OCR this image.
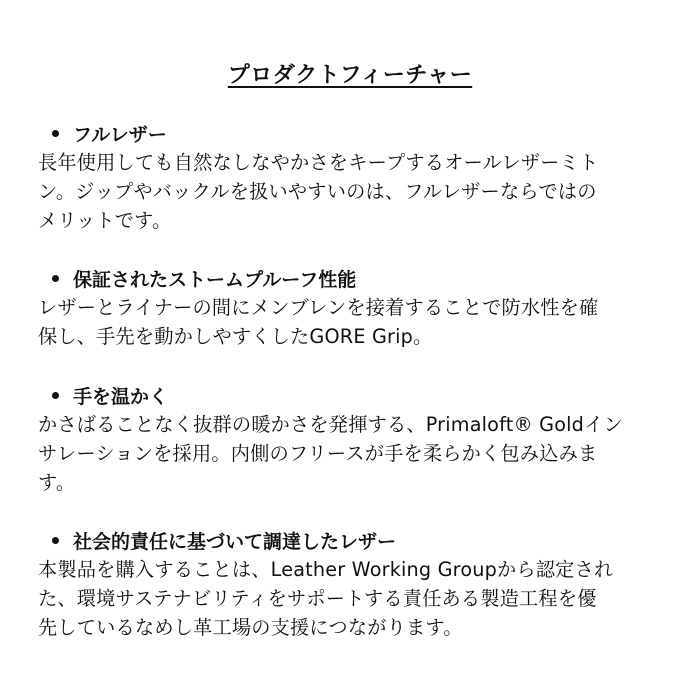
プロダクトフィーチャー
フルレザー

長年使用しても自然なしなやかさをキープするオールレザーミト
ン。ジップやバックルを扱いやすいのは、フルレザーならではの
メリットです。

保証されたストームプルーフ性能

レザーとライナーの間にメンブレンを接着することで防水性を確
保し、手先を動かしやすくしたGORE Grip。

手を温かく

かさばることなく抜群の暖かさを発揮する、Primaloft® Goldイン
サレーションを採用。内側のフリースが手を柔らかく包み込みま
す。

社会的責任に基づいて調達したレザー

本製品を購入することは、Leather Working Groupから認定され
た、環境サステナビリティをサポートする責任ある製造工程を優
先しているなめし革工場の支援につながります。
